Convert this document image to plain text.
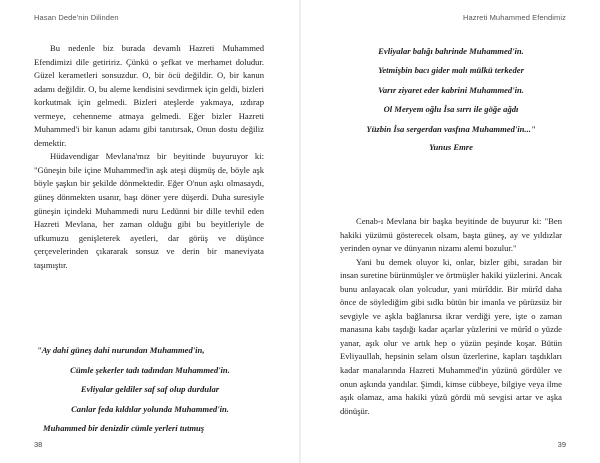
Hasan Dede'nin Dilinden

Bu nedenle biz burada devamlı Hazreti Muhammed Efendimizi dile getiririz. Çünkü o şefkat ve merhamet doludur. Güzel kerametleri sonsuzdur. O, bir öcü değildir. O, bir kanun adamı değildir. O, bu aleme kendisini sevdirmek için geldi, bizleri korkutmak için gelmedi. Bizleri ateşlerde yakmaya, ızdırap vermeye, cehenneme atmaya gelmedi. Eğer bizler Hazreti Muhammed'i bir kanun adamı gibi tanıtırsak, Onun dostu değiliz demektir.

Hüdavendigar Mevlana'mız bir beyitinde buyuruyor ki: "Güneşin bile içine Muhammed'in aşk ateşi düşmüş de, böyle aşk böyle şaşkın bir şekilde dönmektedir. Eğer O'nun aşkı olmasaydı, güneş dönmekten usanır, başı döner yere düşerdi. Duha suresiyle güneşin içindeki Muhammedi nuru Ledünni bir dille tevhil eden Hazreti Mevlana, her zaman olduğu gibi bu beyitleriyle de ufkumuzu genişleterek ayetleri, dar görüş ve düşünce çerçevelerinden çıkararak sonsuz ve derin bir maneviyata taşımıştır.

"Ay dahi güneş dahi nurundan Muhammed'in,
Cümle şekerler tadı tadından Muhammed'in.
Evliyalar geldiler saf saf olup durdular
Canlar feda kıldılar yolunda Muhammed'in.
Muhammed bir denizdir cümle yerleri tutmuş
38
Hazreti Muhammed Efendimiz
Evliyalar balığı bahrinde Muhammed'in.
Yetmişbin bacı gider malı mülkü terkeder
Varır ziyaret eder kabrini Muhammed'in.
Ol Meryem oğlu İsa sırrı ile göğe ağdı
Yüzbin İsa sergerdan vasfına Muhammed'in..."
Yunus Emre

Cenab-ı Mevlana bir başka beyitinde de buyurur ki: "Ben hakiki yüzümü gösterecek olsam, başta güneş, ay ve yıldızlar yerinden oynar ve dünyanın nizamı alemi bozulur."

Yani bu demek oluyor ki, onlar, bizler gibi, sıradan bir insan suretine bürünmüşler ve örtmüşler hakiki yüzlerini. Ancak bunu anlayacak olan yolcudur, yani mürîddir. Bir mürîd daha önce de söylediğim gibi sıdkı bütün bir imanla ve pürüzsüz bir sevgiyle ve aşkla bağlanırsa ikrar verdiği yere, işte o zaman manasına kabı taşdığı kadar açarlar yüzlerini ve mürîd o yüzde yanar, aşık olur ve artık hep o yüzün peşinde koşar. Bütün Evliyaullah, hepsinin selam olsun üzerlerine, kapları taşdıkları kadar manalarında Hazreti Muhammed'in yüzünü gördüler ve onun aşkında yandılar. Şimdi, kimse cübbeye, bilgiye veya ilme aşık olamaz, ama hakiki yüzü gördü mü sevgisi artar ve aşka dönüşür.

39
